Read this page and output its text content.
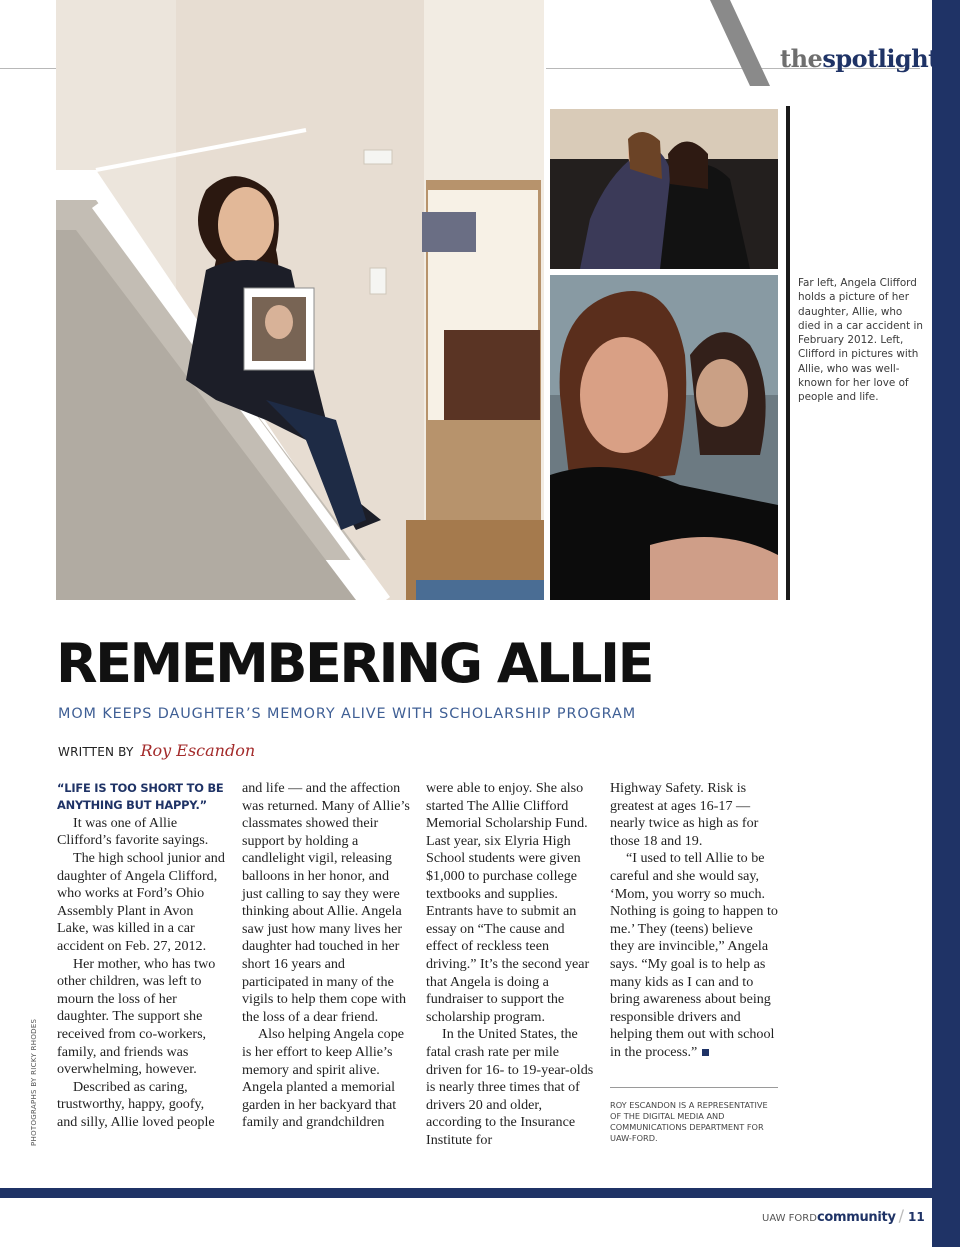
thespotlight

Far left, Angela Clifford holds a picture of her daughter, Allie, who died in a car accident in February 2012. Left, Clifford in pictures with Allie, who was well-known for her love of people and life.

REMEMBERING ALLIE
MOM KEEPS DAUGHTER’S MEMORY ALIVE WITH SCHOLARSHIP PROGRAM
WRITTEN BY Roy Escandon

“LIFE IS TOO SHORT TO BE ANYTHING BUT HAPPY.”

It was one of Allie Clifford’s favorite sayings.

The high school junior and daughter of Angela Clifford, who works at Ford’s Ohio Assembly Plant in Avon Lake, was killed in a car accident on Feb. 27, 2012.

Her mother, who has two other children, was left to mourn the loss of her daughter. The support she received from co-workers, family, and friends was overwhelming, however.

Described as caring, trustworthy, happy, goofy, and silly, Allie loved people

and life — and the affection was returned. Many of Allie’s classmates showed their support by holding a candlelight vigil, releasing balloons in her honor, and just calling to say they were thinking about Allie. Angela saw just how many lives her daughter had touched in her short 16 years and participated in many of the vigils to help them cope with the loss of a dear friend.

Also helping Angela cope is her effort to keep Allie’s memory and spirit alive. Angela planted a memorial garden in her backyard that family and grandchildren

were able to enjoy. She also started The Allie Clifford Memorial Scholarship Fund. Last year, six Elyria High School students were given $1,000 to purchase college textbooks and supplies. Entrants have to submit an essay on “The cause and effect of reckless teen driving.” It’s the second year that Angela is doing a fundraiser to support the scholarship program.

In the United States, the fatal crash rate per mile driven for 16- to 19-year-olds is nearly three times that of drivers 20 and older, according to the Insurance Institute for

Highway Safety. Risk is greatest at ages 16-17 — nearly twice as high as for those 18 and 19.

“I used to tell Allie to be careful and she would say, ‘Mom, you worry so much. Nothing is going to happen to me.’ They (teens) believe they are invincible,” Angela says. “My goal is to help as many kids as I can and to bring awareness about being responsible drivers and helping them out with school in the process.”

ROY ESCANDON IS A REPRESENTATIVE OF THE DIGITAL MEDIA AND COMMUNICATIONS DEPARTMENT FOR UAW-FORD.

PHOTOGRAPHS BY RICKY RHODES
UAW FORDcommunity / 11
